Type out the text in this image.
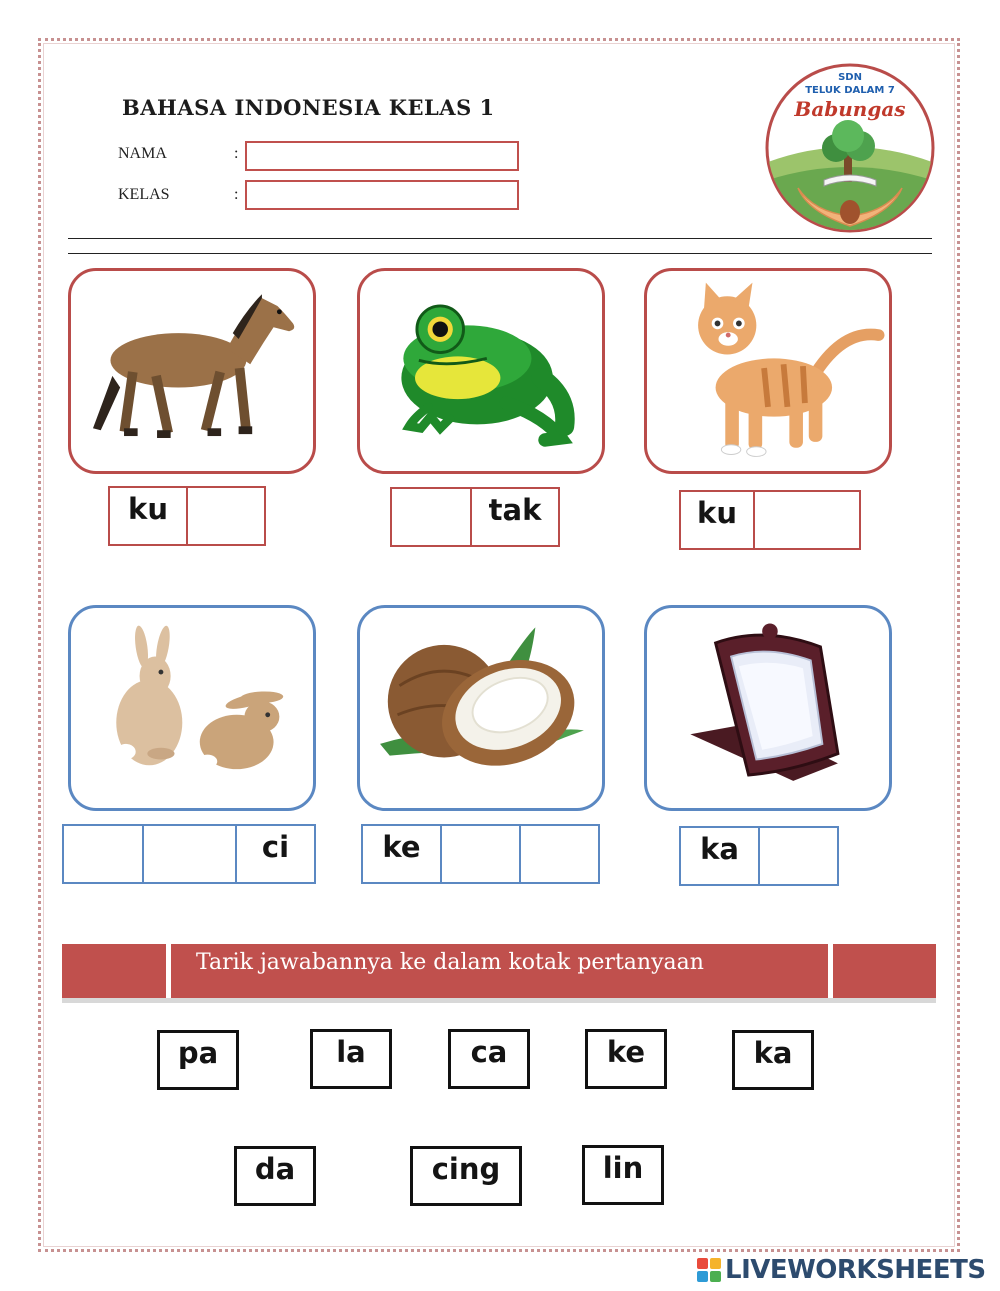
BAHASA INDONESIA KELAS 1
NAMA	:
KELAS	:
SDN
TELUK DALAM 7
Babungas
ku	tak	ku
ci	ke	ka
Tarik jawabannya ke dalam kotak pertanyaan
pa	la	ca	ke	ka
da	cing	lin
LIVEWORKSHEETS
